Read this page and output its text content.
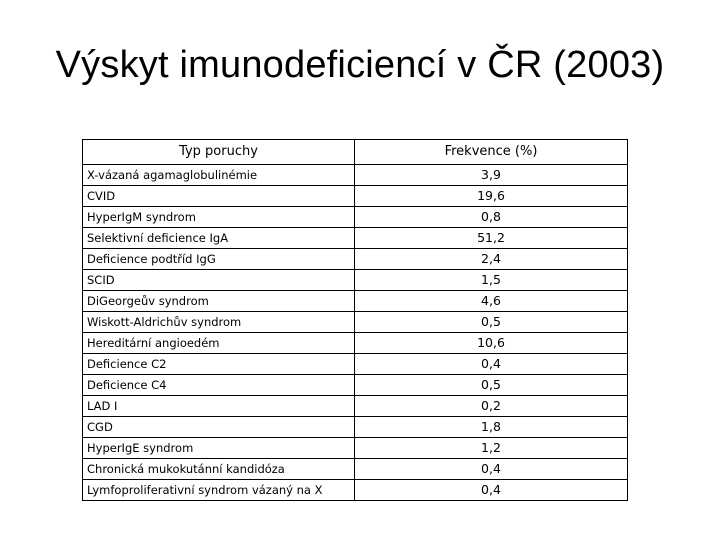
Výskyt imunodeficiencí v ČR (2003)
Typ poruchy	Frekvence (%)
X-vázaná agamaglobulinémie	3,9
CVID	19,6
HyperIgM syndrom	0,8
Selektivní deficience IgA	51,2
Deficience podtříd IgG	2,4
SCID	1,5
DiGeorgeův syndrom	4,6
Wiskott-Aldrichův syndrom	0,5
Hereditární angioedém	10,6
Deficience C2	0,4
Deficience C4	0,5
LAD I	0,2
CGD	1,8
HyperIgE syndrom	1,2
Chronická mukokutánní kandidóza	0,4
Lymfoproliferativní syndrom vázaný na X	0,4
